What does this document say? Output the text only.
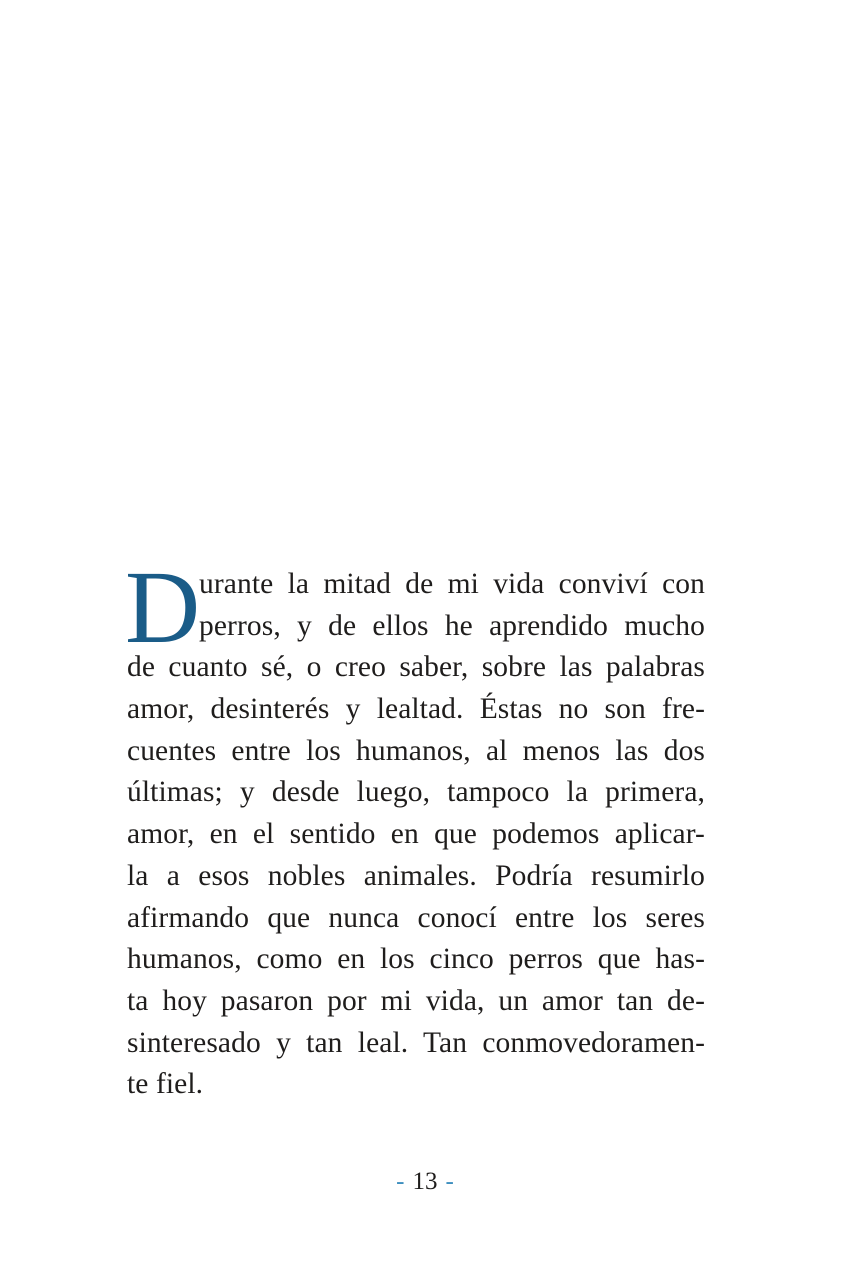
D
urante la mitad de mi vida conviví con
perros, y de ellos he aprendido mucho
de cuanto sé, o creo saber, sobre las palabras
amor, desinterés y lealtad. Éstas no son fre-
cuentes entre los humanos, al menos las dos
últimas; y desde luego, tampoco la primera,
amor, en el sentido en que podemos aplicar-
la a esos nobles animales. Podría resumirlo
afirmando que nunca conocí entre los seres
humanos, como en los cinco perros que has-
ta hoy pasaron por mi vida, un amor tan de-
sinteresado y tan leal. Tan conmovedoramen-
te fiel.
- 13 -
